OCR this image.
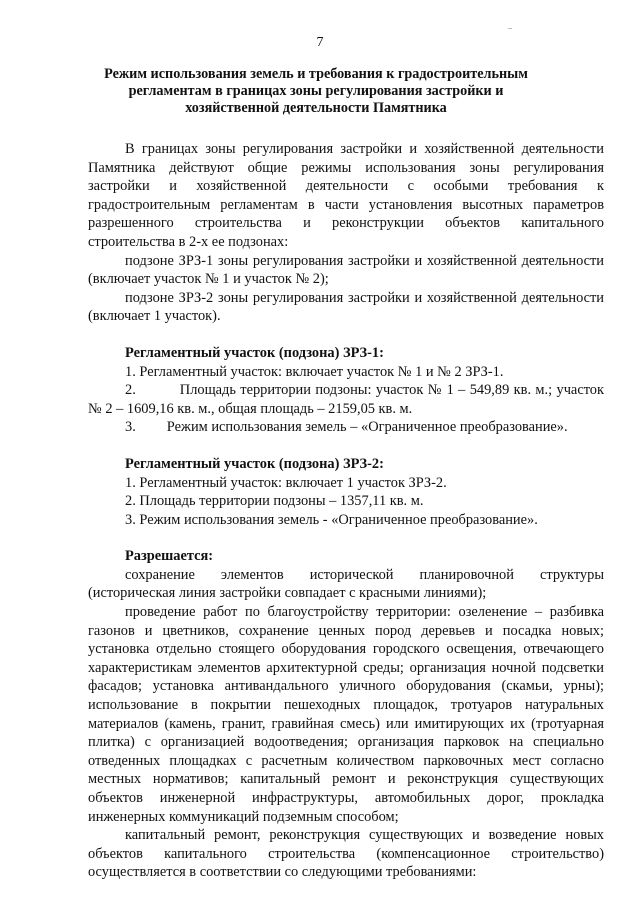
7
Режим использования земель и требования к градостроительным регламентам в границах зоны регулирования застройки и хозяйственной деятельности Памятника

В границах зоны регулирования застройки и хозяйственной деятельности Памятника действуют общие режимы использования зоны регулирования застройки и хозяйственной деятельности с особыми требования к градостроительным регламентам в части установления высотных параметров разрешенного строительства и реконструкции объектов капитального строительства в 2-х ее подзонах:

подзоне ЗРЗ-1 зоны регулирования застройки и хозяйственной деятельности (включает участок № 1 и участок № 2);

подзоне ЗРЗ-2 зоны регулирования застройки и хозяйственной деятельности (включает 1 участок).

Регламентный участок (подзона) ЗРЗ-1:

1. Регламентный участок: включает участок № 1 и № 2 ЗРЗ-1.

2.	Площадь территории подзоны: участок № 1 – 549,89 кв. м.; участок № 2 – 1609,16 кв. м., общая площадь – 2159,05 кв. м.

3. Режим использования земель – «Ограниченное преобразование».

Регламентный участок (подзона) ЗРЗ-2:

1. Регламентный участок: включает 1 участок ЗРЗ-2.

2. Площадь территории подзоны – 1357,11 кв. м.

3. Режим использования земель - «Ограниченное преобразование».

Разрешается:

сохранение элементов исторической планировочной структуры (историческая линия застройки совпадает с красными линиями);

проведение работ по благоустройству территории: озеленение – разбивка газонов и цветников, сохранение ценных пород деревьев и посадка новых; установка отдельно стоящего оборудования городского освещения, отвечающего характеристикам элементов архитектурной среды; организация ночной подсветки фасадов; установка антивандального уличного оборудования (скамьи, урны); использование в покрытии пешеходных площадок, тротуаров натуральных материалов (камень, гранит, гравийная смесь) или имитирующих их (тротуарная плитка) с организацией водоотведения; организация парковок на специально отведенных площадках с расчетным количеством парковочных мест согласно местных нормативов; капитальный ремонт и реконструкция существующих объектов инженерной инфраструктуры, автомобильных дорог, прокладка инженерных коммуникаций подземным способом;

капитальный ремонт, реконструкция существующих и возведение новых объектов капитального строительства (компенсационное строительство) осуществляется в соответствии со следующими требованиями:
